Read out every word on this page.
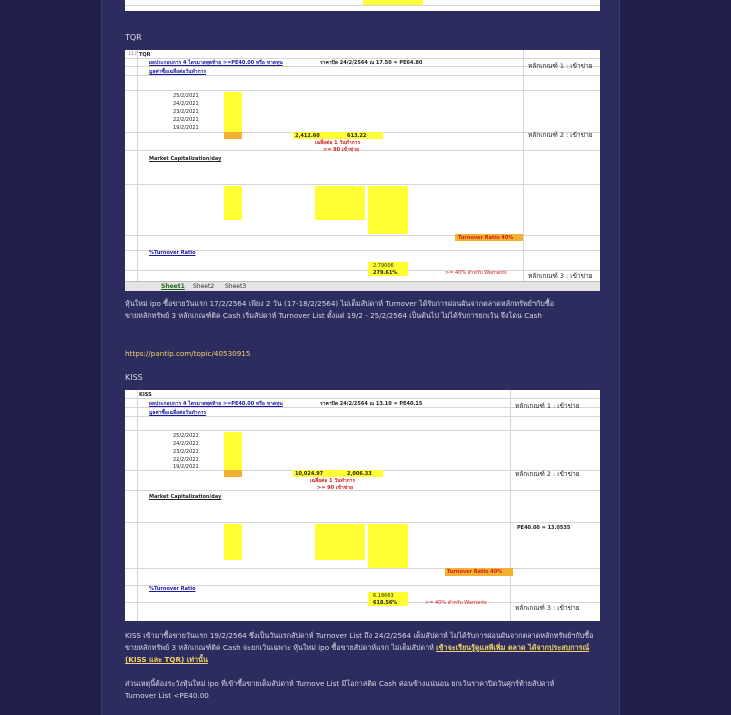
TQR
117 TQR
ผลประกอบการ 4 ไตรมาสสุดท้าย >=PE40.00 หรือ ขาดทุน	ราคาปิด 24/2/2564 ณ 17.50 = PE64.80
มูลค่าซื้อเฉลี่ยต่อวันทำการ
หลักเกณฑ์ 1 : เข้าข่าย
25/2/2021
24/2/2021
23/2/2021
22/2/2021
19/2/2021
2,412.60	613.22	หลักเกณฑ์ 2 : เข้าข่าย
เฉลี่ยต่อ 1 วันทำการ
>= 90 เข้าข่าย
Market Capitalization/day
Turnover Ratio 40%
%Turnover Ratio
2.79006
279.61%	>= 40% สำหรับ Warrants	หลักเกณฑ์ 3 : เข้าข่าย
Sheet1 Sheet2 Sheet3
หุ้นใหม่ ipo ซื้อขายวันแรก 17/2/2564 เพียง 2 วัน (17-18/2/2564) ไม่เต็มสัปดาห์ Turnover ได้รับการผ่อนผันจากตลาดหลักทรัพย์ฯกับซื้อขายหลักทรัพย์ 3 หลักเกณฑ์ติด Cash เริ่มสัปดาห์ Turnover List ตั้งแต่ 19/2 - 25/2/2564 เป็นต้นไป ไม่ได้รับการยกเว้น จึงโดน Cash
https://pantip.com/topic/40530915
KISS
KISS
ผลประกอบการ 4 ไตรมาสสุดท้าย >=PE40.00 หรือ ขาดทุน	ราคาปิด 24/2/2564 ณ 13.10 = PE40.15
มูลค่าซื้อเฉลี่ยต่อวันทำการ
หลักเกณฑ์ 1 : เข้าข่าย
25/2/2021
24/2/2021
23/2/2021
22/2/2021
19/2/2021
10,024.97	2,006.33	หลักเกณฑ์ 2 : เข้าข่าย
เฉลี่ยต่อ 1 วันทำการ
>= 90 เข้าข่าย
Market Capitalization/day
PE40.00 = 13.0535
Turnover Ratio 40%
%Turnover Ratio
6.18663
618.56%	>= 40% สำหรับ Warrants
หลักเกณฑ์ 3 : เข้าข่าย
KISS เข้ามาซื้อขายวันแรก 19/2/2564 ซึ่งเป็นวันแรกสัปดาห์ Turnover List ถึง 24/2/2564 เต็มสัปดาห์ ไม่ได้รับการผ่อนผันจากตลาดหลักทรัพย์ฯกับซื้อขายหลักทรัพย์ 3 หลักเกณฑ์ติด Cash จะยกเว้นเฉพาะ หุ้นใหม่ ipo ซื้อขายสัปดาห์แรก ไม่เต็มสัปดาห์ เข้าจะเรียนรู้ดูแลพีเพิ่ม ตลาด ได้จากประสบการณ์ (KISS และ TQR) เท่านั้น
ส่วนเหตุนี้ต้องระวังหุ้นใหม่ ipo ที่เข้าซื้อขายเต็มสัปดาห์ Turnove List มีโอกาสติด Cash ค่อนข้างแน่นอน ยกเว้นราคาปิดวันศุกร์ท้ายสัปดาห์ Turnover List <PE40.00
